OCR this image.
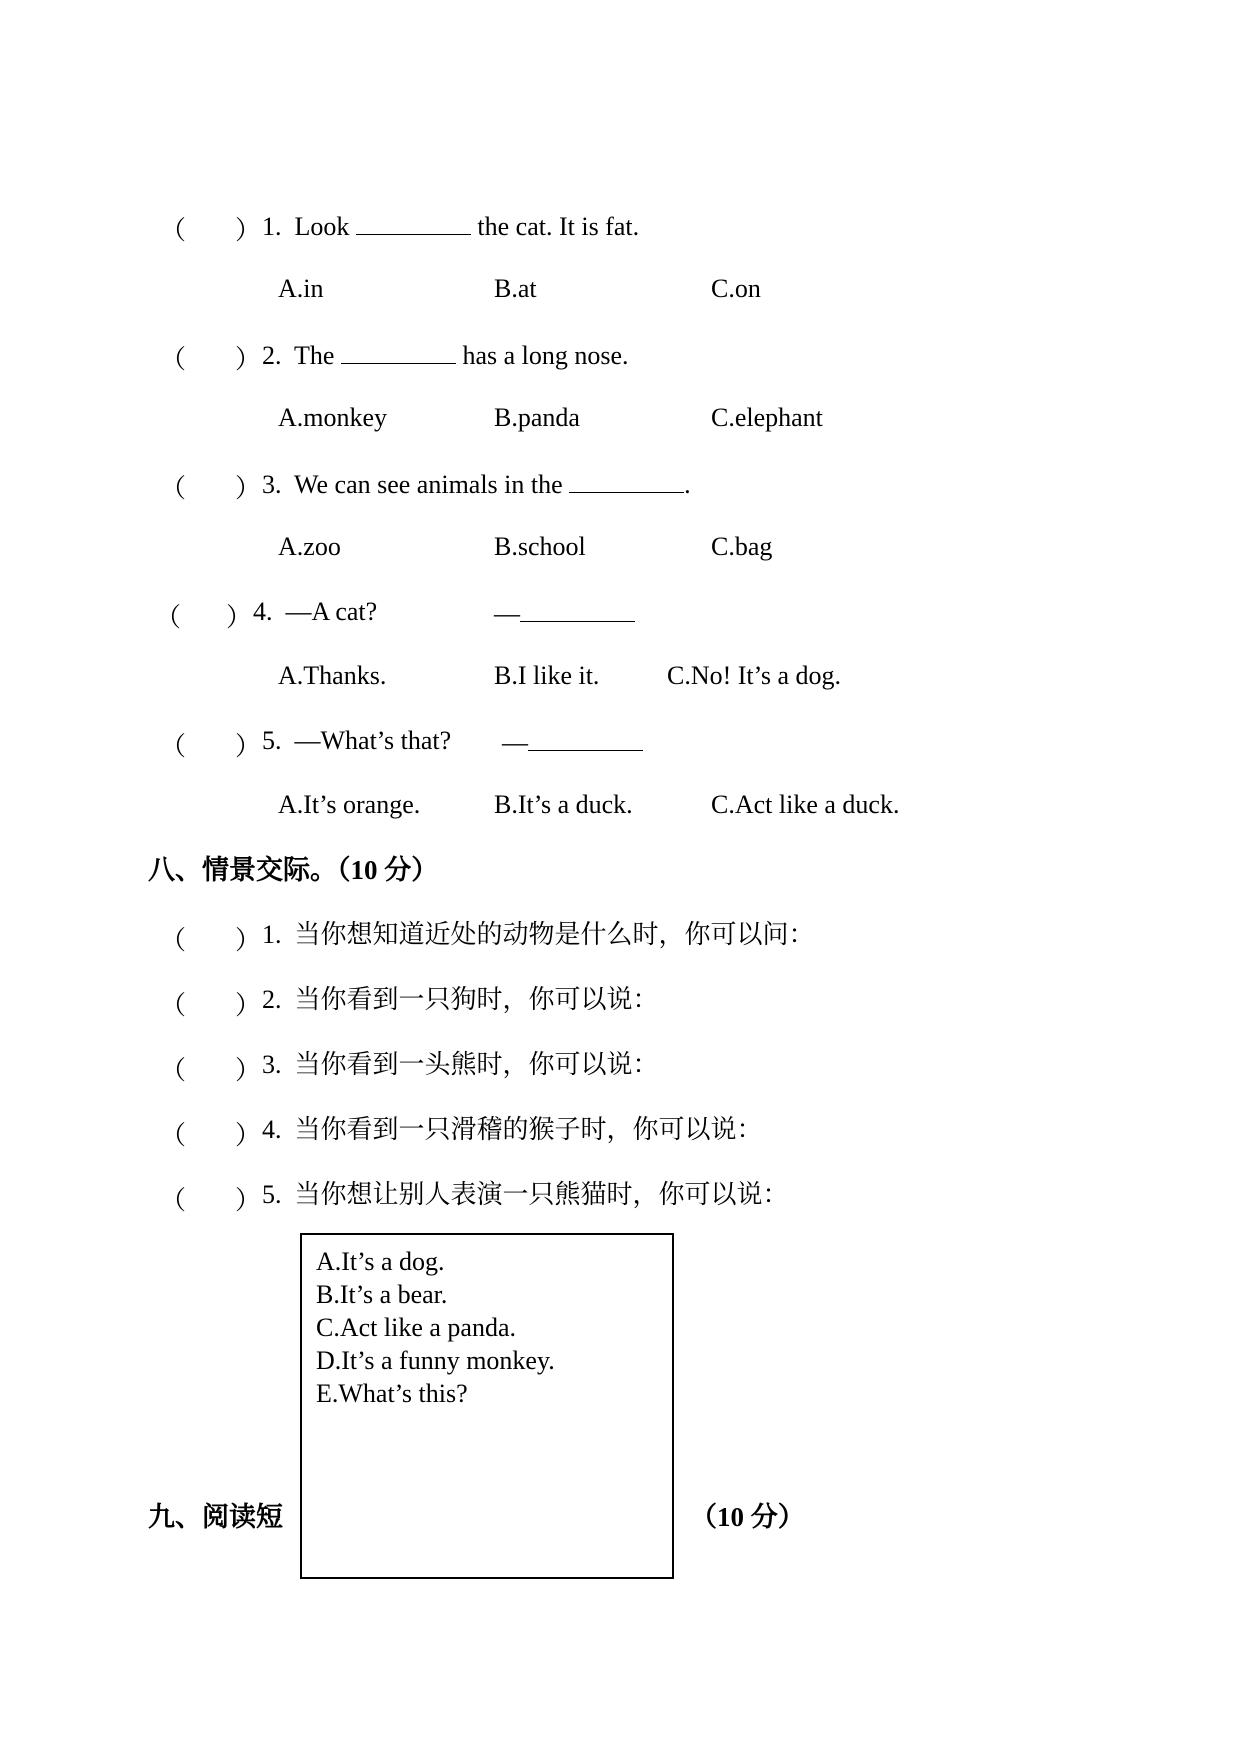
（ ） 1. Look	the cat. It is fat.
A.in	B.at	C.on
（ ） 2. The	has a long nose.
A.monkey	B.panda	C.elephant
（ ） 3. We can see animals in the	.
A.zoo	B.school	C.bag
（ ） 4. —A cat?	—
A.Thanks.	B.I like it.	C.No! It’s a dog.
（ ） 5. —What’s that? —
A.It’s orange.	B.It’s a duck.	C.Act like a duck.
八、情景交际。（10 分）
（ ） 1. 当你想知道近处的动物是什么时，你可以问：
（ ） 2. 当你看到一只狗时，你可以说：
（ ） 3. 当你看到一头熊时，你可以说：
（ ） 4. 当你看到一只滑稽的猴子时，你可以说：
（ ） 5. 当你想让别人表演一只熊猫时，你可以说：
九、阅读短	（10 分）
A.It’s a dog.
B.It’s a bear.
C.Act like a panda.
D.It’s a funny monkey.
E.What’s this?
